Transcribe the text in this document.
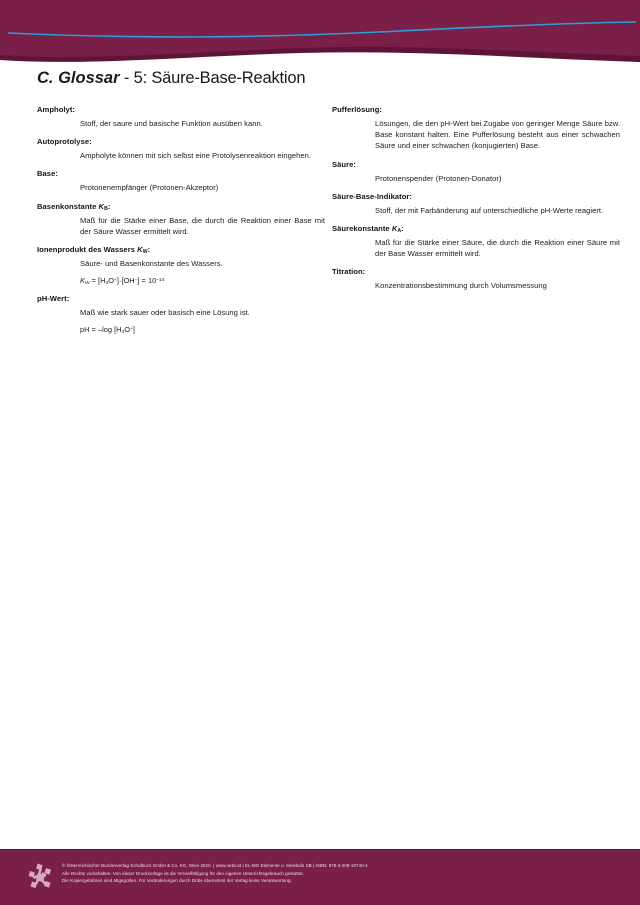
C. Glossar - 5: Säure-Base-Reaktion
Ampholyt:
Stoff, der saure und basische Funktion ausüben kann.
Autoprotolyse:
Ampholyte können mit sich selbst eine Protolysenreaktion eingehen.
Base:
Protonenempfänger (Protonen-Akzeptor)
Basenkonstante $K_B$:
Maß für die Stärke einer Base, die durch die Reaktion einer Base mit der Säure Wasser ermittelt wird.
Ionenprodukt des Wassers $K_W$:
Säure- und Basenkonstante des Wassers.
$K_W = [H_3O^+]\cdot[OH^-] = 10^{-14}$
pH-Wert:
Maß wie stark sauer oder basisch eine Lösung ist.
pH = –log $[H_3O^+]$
Pufferlösung:
Lösungen, die den pH-Wert bei Zugabe von geringer Menge Säure bzw. Base konstant halten. Eine Pufferlösung besteht aus einer schwachen Säure und einer schwachen (konjugierten) Base.
Säure:
Protonenspender (Protonen-Donator)
Säure-Base-Indikator:
Stoff, der mit Farbänderung auf unterschiedliche pH-Werte reagiert.
Säurekonstante $K_A$:
Maß für die Stärke einer Säure, die durch die Reaktion einer Säure mit der Base Wasser ermittelt wird.
Titration:
Konzentrationsbestimmung durch Volumsmessung
© Österreichischer Bundesverlag Schulbuch GmbH & Co. KG, Wien 2020. | www.oebv.at | EL-MO Elemente u. Moleküle SB | ISBN: 978-3-209-10740-4
Alle Rechte vorbehalten. Von dieser Druckvorlage ist die Vervielfältigung für den eigenen Unterrichtsgebrauch gestattet.
Die Kopiergebühren sind abgegolten. Für Veränderungen durch Dritte übernimmt der Verlag keine Verantwortung.
